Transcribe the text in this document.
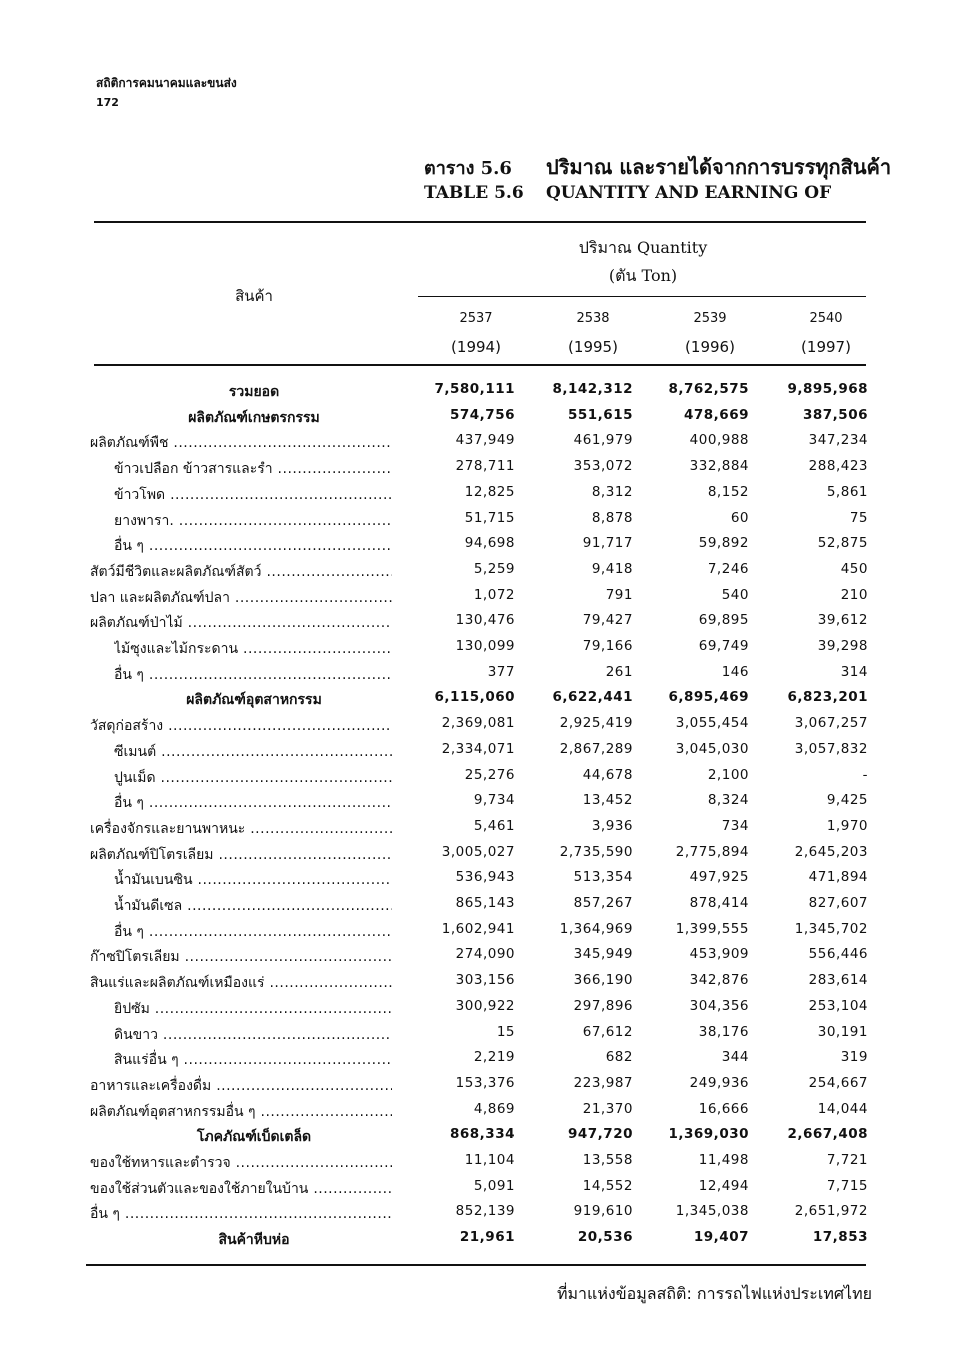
สถิติการคมนาคมและขนส่ง
172
ตาราง 5.6 ปริมาณ และรายได้จากการบรรทุกสินค้า
TABLE 5.6 QUANTITY AND EARNING OF
สินค้า
ปริมาณ Quantity
(ตัน Ton)
2537	2538	2539	2540
(1994)	(1995)	(1996)	(1997)
รวมยอด	7,580,111	8,142,312	8,762,575	9,895,968
ผลิตภัณฑ์เกษตรกรรม	574,756	551,615	478,669	387,506
ผลิตภัณฑ์พืช .....	437,949	461,979	400,988	347,234
ข้าวเปลือก ข้าวสารและรำ .....	278,711	353,072	332,884	288,423
ข้าวโพด .....	12,825	8,312	8,152	5,861
ยางพารา. .....	51,715	8,878	60	75
อื่น ๆ .....	94,698	91,717	59,892	52,875
สัตว์มีชีวิตและผลิตภัณฑ์สัตว์ .....	5,259	9,418	7,246	450
ปลา และผลิตภัณฑ์ปลา .....	1,072	791	540	210
ผลิตภัณฑ์ป่าไม้ .....	130,476	79,427	69,895	39,612
ไม้ซุงและไม้กระดาน .....	130,099	79,166	69,749	39,298
อื่น ๆ .....	377	261	146	314
ผลิตภัณฑ์อุตสาหกรรม	6,115,060	6,622,441	6,895,469	6,823,201
วัสดุก่อสร้าง .....	2,369,081	2,925,419	3,055,454	3,067,257
ซีเมนต์ .....	2,334,071	2,867,289	3,045,030	3,057,832
ปูนเม็ด .....	25,276	44,678	2,100	-
อื่น ๆ .....	9,734	13,452	8,324	9,425
เครื่องจักรและยานพาหนะ .....	5,461	3,936	734	1,970
ผลิตภัณฑ์ปิโตรเลียม .....	3,005,027	2,735,590	2,775,894	2,645,203
น้ำมันเบนซิน .....	536,943	513,354	497,925	471,894
น้ำมันดีเซล .....	865,143	857,267	878,414	827,607
อื่น ๆ .....	1,602,941	1,364,969	1,399,555	1,345,702
ก๊าซปิโตรเลียม .....	274,090	345,949	453,909	556,446
สินแร่และผลิตภัณฑ์เหมืองแร่ .....	303,156	366,190	342,876	283,614
ยิปซัม .....	300,922	297,896	304,356	253,104
ดินขาว .....	15	67,612	38,176	30,191
สินแร่อื่น ๆ .....	2,219	682	344	319
อาหารและเครื่องดื่ม .....	153,376	223,987	249,936	254,667
ผลิตภัณฑ์อุตสาหกรรมอื่น ๆ .....	4,869	21,370	16,666	14,044
โภคภัณฑ์เบ็ดเตล็ด	868,334	947,720	1,369,030	2,667,408
ของใช้ทหารและตำรวจ .....	11,104	13,558	11,498	7,721
ของใช้ส่วนตัวและของใช้ภายในบ้าน .....	5,091	14,552	12,494	7,715
อื่น ๆ .....	852,139	919,610	1,345,038	2,651,972
สินค้าหีบห่อ	21,961	20,536	19,407	17,853
ที่มาแห่งข้อมูลสถิติ: การรถไฟแห่งประเทศไทย
